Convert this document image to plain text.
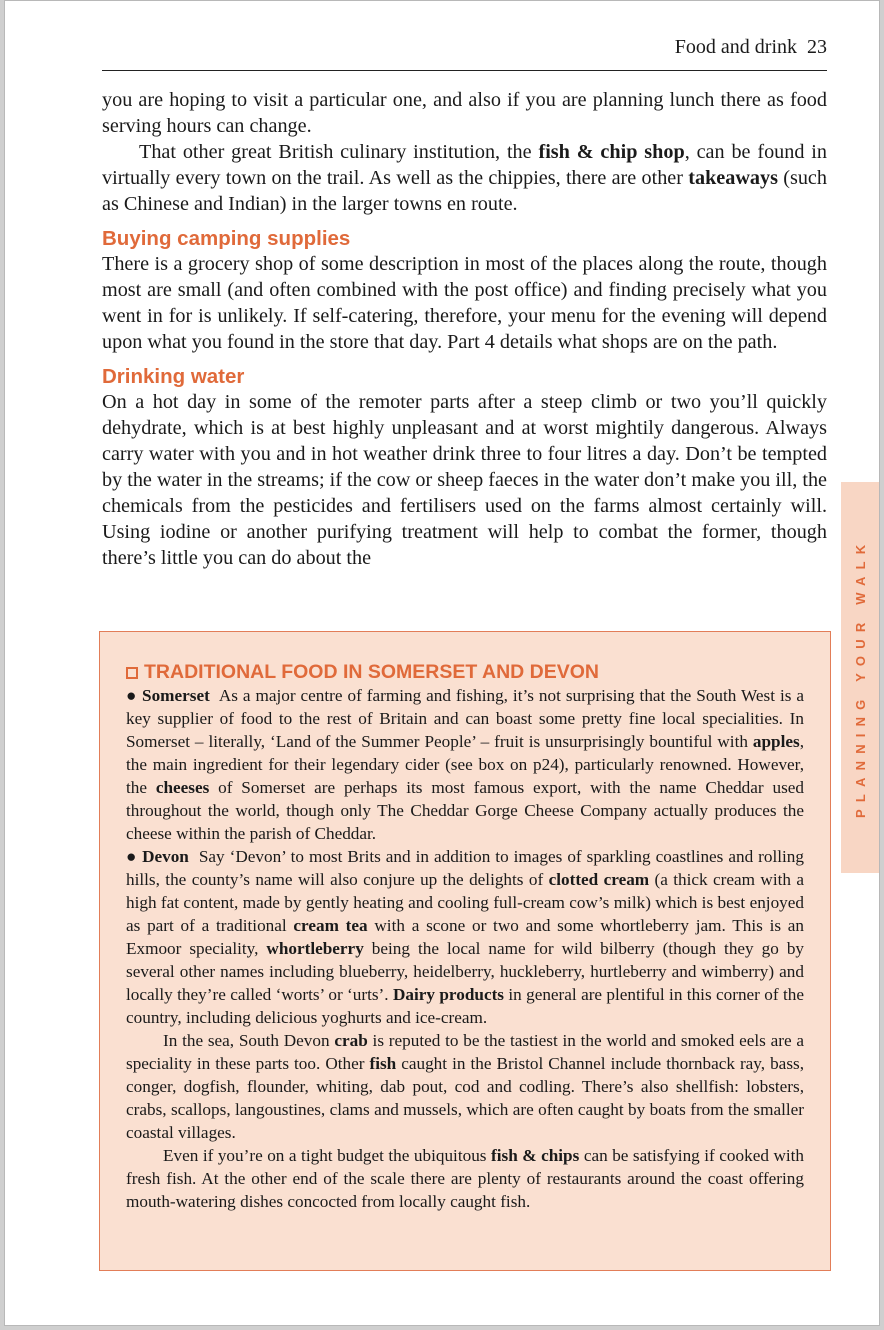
Food and drink 23

you are hoping to visit a particular one, and also if you are planning lunch there as food serving hours can change.

That other great British culinary institution, the fish & chip shop, can be found in virtually every town on the trail. As well as the chippies, there are other takeaways (such as Chinese and Indian) in the larger towns en route.

Buying camping supplies

There is a grocery shop of some description in most of the places along the route, though most are small (and often combined with the post office) and finding precisely what you went in for is unlikely. If self-catering, therefore, your menu for the evening will depend upon what you found in the store that day. Part 4 details what shops are on the path.

Drinking water

On a hot day in some of the remoter parts after a steep climb or two you’ll quickly dehydrate, which is at best highly unpleasant and at worst mightily dangerous. Always carry water with you and in hot weather drink three to four litres a day. Don’t be tempted by the water in the streams; if the cow or sheep faeces in the water don’t make you ill, the chemicals from the pesticides and fertilisers used on the farms almost certainly will. Using iodine or another purifying treatment will help to combat the former, though there’s little you can do about the	PLANNING YOUR WALK

TRADITIONAL FOOD IN SOMERSET AND DEVON

● Somerset As a major centre of farming and fishing, it’s not surprising that the South West is a key supplier of food to the rest of Britain and can boast some pretty fine local specialities. In Somerset – literally, ‘Land of the Summer People’ – fruit is unsurprisingly bountiful with apples, the main ingredient for their legendary cider (see box on p24), particularly renowned. However, the cheeses of Somerset are perhaps its most famous export, with the name Cheddar used throughout the world, though only The Cheddar Gorge Cheese Company actually produces the cheese within the parish of Cheddar.

● Devon Say ‘Devon’ to most Brits and in addition to images of sparkling coastlines and rolling hills, the county’s name will also conjure up the delights of clotted cream (a thick cream with a high fat content, made by gently heating and cooling full-cream cow’s milk) which is best enjoyed as part of a traditional cream tea with a scone or two and some whortleberry jam. This is an Exmoor speciality, whortleberry being the local name for wild bilberry (though they go by several other names including blueberry, heidelberry, huckleberry, hurtleberry and wimberry) and locally they’re called ‘worts’ or ‘urts’. Dairy products in general are plentiful in this corner of the country, including delicious yoghurts and ice-cream.

In the sea, South Devon crab is reputed to be the tastiest in the world and smoked eels are a speciality in these parts too. Other fish caught in the Bristol Channel include thornback ray, bass, conger, dogfish, flounder, whiting, dab pout, cod and codling. There’s also shellfish: lobsters, crabs, scallops, langoustines, clams and mussels, which are often caught by boats from the smaller coastal villages.

Even if you’re on a tight budget the ubiquitous fish & chips can be satisfying if cooked with fresh fish. At the other end of the scale there are plenty of restaurants around the coast offering mouth-watering dishes concocted from locally caught fish.
